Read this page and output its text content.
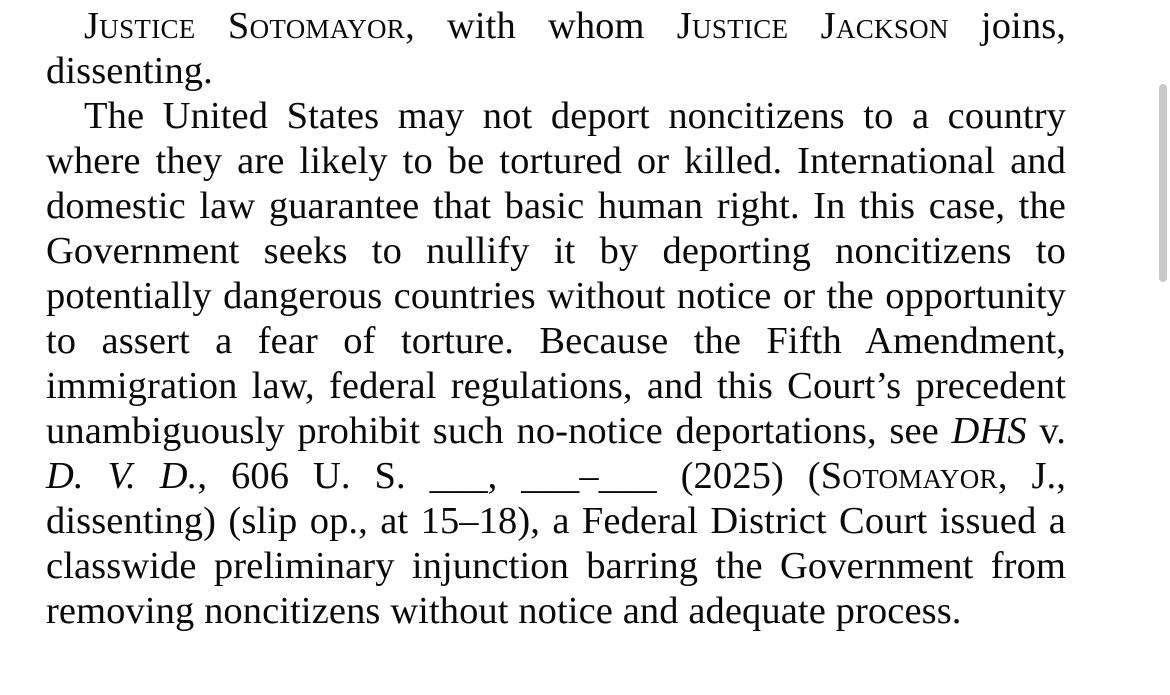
Justice Sotomayor, with whom Justice Jackson joins, dissenting.

The United States may not deport noncitizens to a country where they are likely to be tortured or killed. International and domestic law guarantee that basic human right. In this case, the Government seeks to nullify it by deporting noncitizens to potentially dangerous countries without notice or the opportunity to assert a fear of torture. Because the Fifth Amendment, immigration law, federal regulations, and this Court’s precedent unambiguously prohibit such no-notice deportations, see DHS v. D. V. D., 606 U. S. ___, ___–___ (2025) (Sotomayor, J., dissenting) (slip op., at 15–18), a Federal District Court issued a classwide preliminary injunction barring the Government from removing noncitizens without notice and adequate process.
